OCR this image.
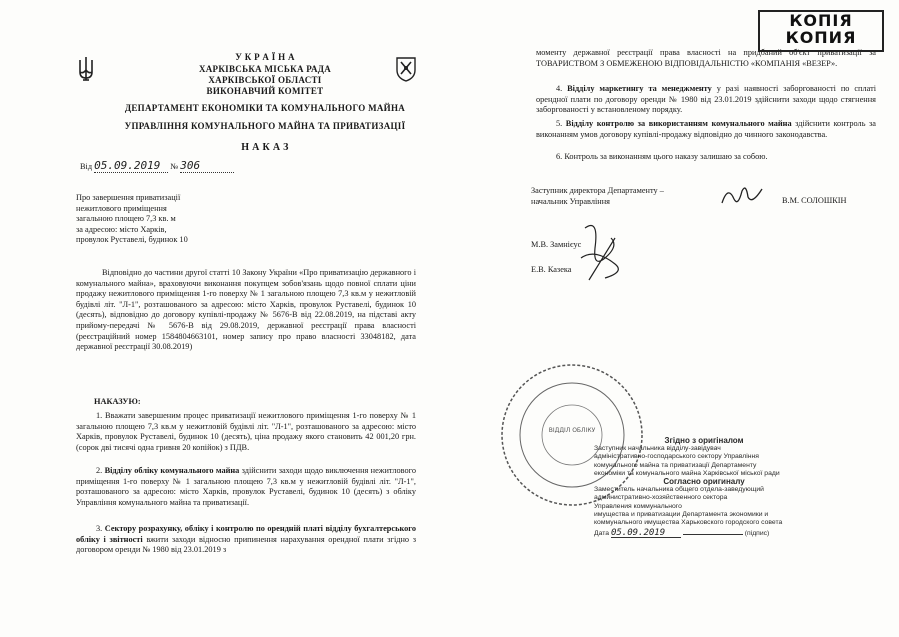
У К Р А Ї Н А
ХАРКІВСЬКА МІСЬКА РАДА
ХАРКІВСЬКОЇ ОБЛАСТІ
ВИКОНАВЧИЙ КОМІТЕТ
ДЕПАРТАМЕНТ ЕКОНОМІКИ ТА КОМУНАЛЬНОГО МАЙНА
УПРАВЛІННЯ КОМУНАЛЬНОГО МАЙНА ТА ПРИВАТИЗАЦІЇ
Н А К А З
Від 05.09.2019 № 306
Про завершення приватизації
нежитлового приміщення
загальною площею 7,3 кв. м
за адресою: місто Харків,
провулок Руставелі, будинок 10
Відповідно до частини другої статті 10 Закону України «Про приватизацію державного і комунального майна», враховуючи виконання покупцем зобов'язань щодо повної сплати ціни продажу нежитлового приміщення 1-го поверху № 1 загальною площею 7,3 кв.м у нежитловій будівлі літ. "Л-1", розташованого за адресою: місто Харків, провулок Руставелі, будинок 10 (десять), відповідно до договору купівлі-продажу № 5676-В від 22.08.2019, на підставі акту прийому-передачі № 5676-В від 29.08.2019, державної реєстрації права власності (реєстраційний номер 1584804663101, номер запису про право власності 33048182, дата державної реєстрації 30.08.2019)
НАКАЗУЮ:
1. Вважати завершеним процес приватизації нежитлового приміщення 1-го поверху № 1 загальною площею 7,3 кв.м у нежитловій будівлі літ. "Л-1", розташованого за адресою: місто Харків, провулок Руставелі, будинок 10 (десять), ціна продажу якого становить 42 001,20 грн. (сорок дві тисячі одна гривня 20 копійок) з ПДВ.
2. Відділу обліку комунального майна здійснити заходи щодо виключення нежитлового приміщення 1-го поверху № 1 загальною площею 7,3 кв.м у нежитловій будівлі літ. "Л-1", розташованого за адресою: місто Харків, провулок Руставелі, будинок 10 (десять) з обліку Управління комунального майна та приватизації.
3. Сектору розрахунку, обліку і контролю по орендній платі відділу бухгалтерського обліку і звітності вжити заходи відносно припинення нарахування орендної плати згідно з договором оренди № 1980 від 23.01.2019 з
моменту державної реєстрації права власності на придбаний об'єкт приватизації за ТОВАРИСТВОМ З ОБМЕЖЕНОЮ ВІДПОВІДАЛЬНІСТЮ «КОМПАНІЯ «ВЕЗЕР».
4. Відділу маркетингу та менеджменту у разі наявності заборгованості по сплаті орендної плати по договору оренди № 1980 від 23.01.2019 здійснити заходи щодо стягнення заборгованості у встановленому порядку.
5. Відділу контролю за використанням комунального майна здійснити контроль за виконанням умов договору купівлі-продажу відповідно до чинного законодавства.
6. Контроль за виконанням цього наказу залишаю за собою.
Заступник директора Департаменту –
начальник Управління	В.М. СОЛОШКІН
М.В. Замнієус
Е.В. Казека
ВІДДІЛ ОБЛІКУ
Згідно з оригіналом
Заступник начальника відділу-завідувач
адміністративно-господарського сектору Управління
комунального майна та приватизації Департаменту
економіки та комунального майна Харківської міської ради
Согласно оригиналу
Заместитель начальника общего отдела-заведующий
административно-хозяйственного сектора
Управления коммунального
имущества и приватизации Департамента экономики и
коммунального имущества Харьковского городского совета
Дата 05.09.2019	(підпис)
КОПІЯ
КОПИЯ
